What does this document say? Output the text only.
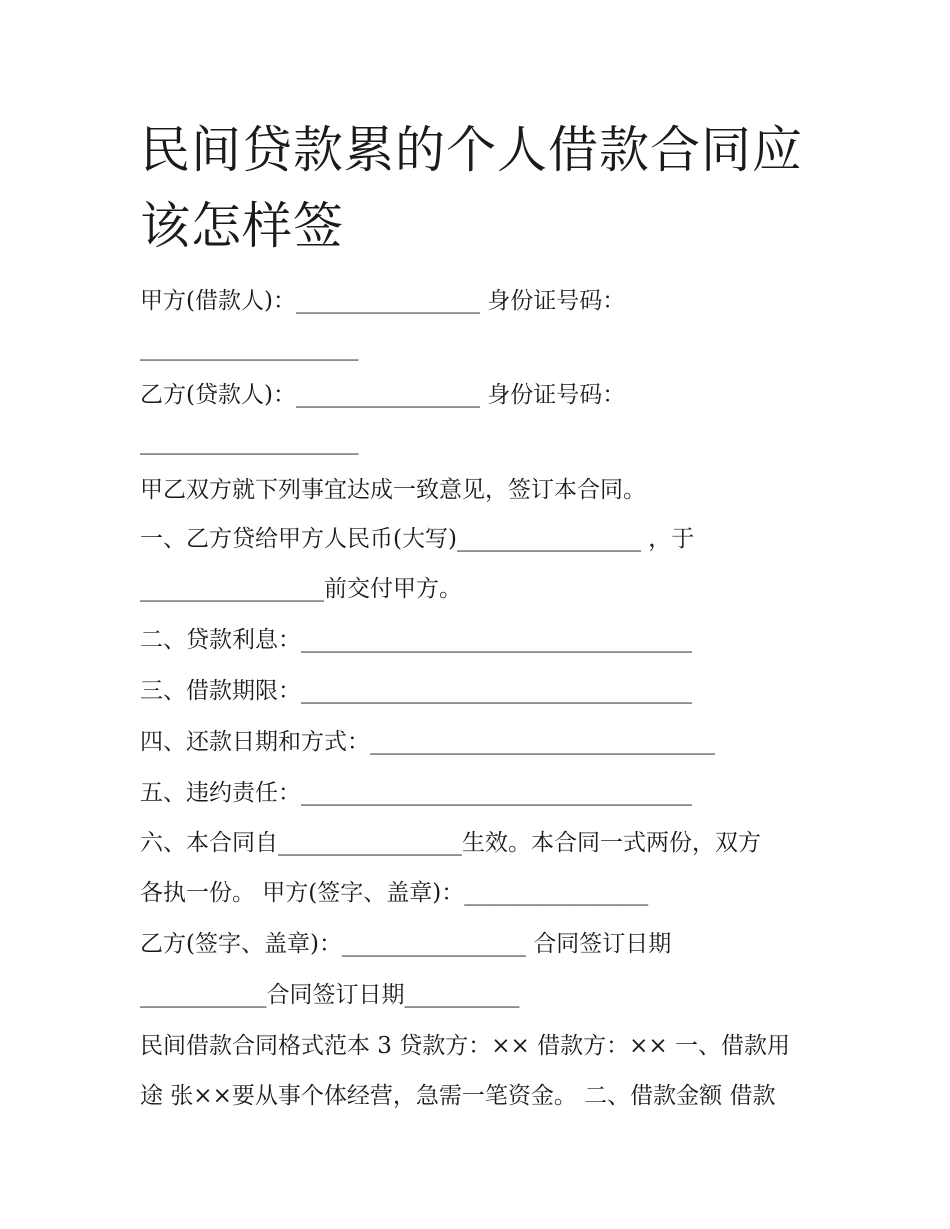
民间贷款累的个人借款合同应该怎样签

甲方(借款人)：________________ 身份证号码：

___________________

乙方(贷款人)：________________ 身份证号码：

___________________

甲乙双方就下列事宜达成一致意见，签订本合同。

一、乙方贷给甲方人民币(大写)________________ ，于

________________前交付甲方。

二、贷款利息：__________________________________

三、借款期限：__________________________________

四、还款日期和方式：______________________________

五、违约责任：__________________________________

六、本合同自________________生效。本合同一式两份，双方

各执一份。 甲方(签字、盖章)：________________

乙方(签字、盖章)：________________ 合同签订日期

___________合同签订日期__________

民间借款合同格式范本 3 贷款方：×× 借款方：×× 一、借款用

途 张××要从事个体经营，急需一笔资金。 二、借款金额 借款
